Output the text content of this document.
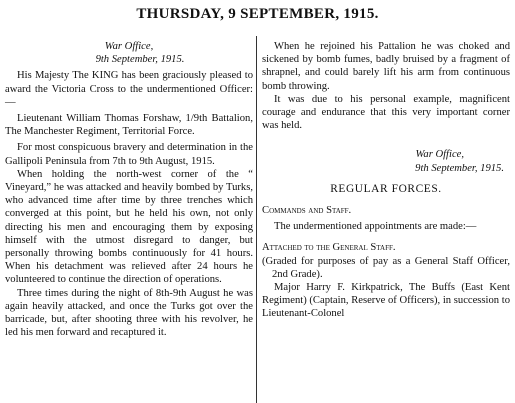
THURSDAY, 9 SEPTEMBER, 1915.
War Office,
9th September, 1915.

His Majesty The KING has been graciously pleased to award the Victoria Cross to the undermentioned Officer:—

Lieutenant William Thomas Forshaw, 1/9th Battalion, The Manchester Regiment, Territorial Force.

For most conspicuous bravery and determination in the Gallipoli Peninsula from 7th to 9th August, 1915.

When holding the north-west corner of the “ Vineyard,” he was attacked and heavily bombed by Turks, who advanced time after time by three trenches which converged at this point, but he held his own, not only directing his men and encouraging them by exposing himself with the utmost disregard to danger, but personally throwing bombs continuously for 41 hours. When his detachment was relieved after 24 hours he volunteered to continue the direction of operations.

Three times during the night of 8th-9th August he was again heavily attacked, and once the Turks got over the barricade, but, after shooting three with his revolver, he led his men forward and recaptured it.

When he rejoined his Pattalion he was choked and sickened by bomb fumes, badly bruised by a fragment of shrapnel, and could barely lift his arm from continuous bomb throwing.

It was due to his personal example, magnificent courage and endurance that this very important corner was held.

War Office,
9th September, 1915.
REGULAR FORCES.

Commands and Staff.

The undermentioned appointments are made:—

Attached to the General Staff.

(Graded for purposes of pay as a General Staff Officer, 2nd Grade).

Major Harry F. Kirkpatrick, The Buffs (East Kent Regiment) (Captain, Reserve of Officers), in succession to Lieutenant-Colonel
